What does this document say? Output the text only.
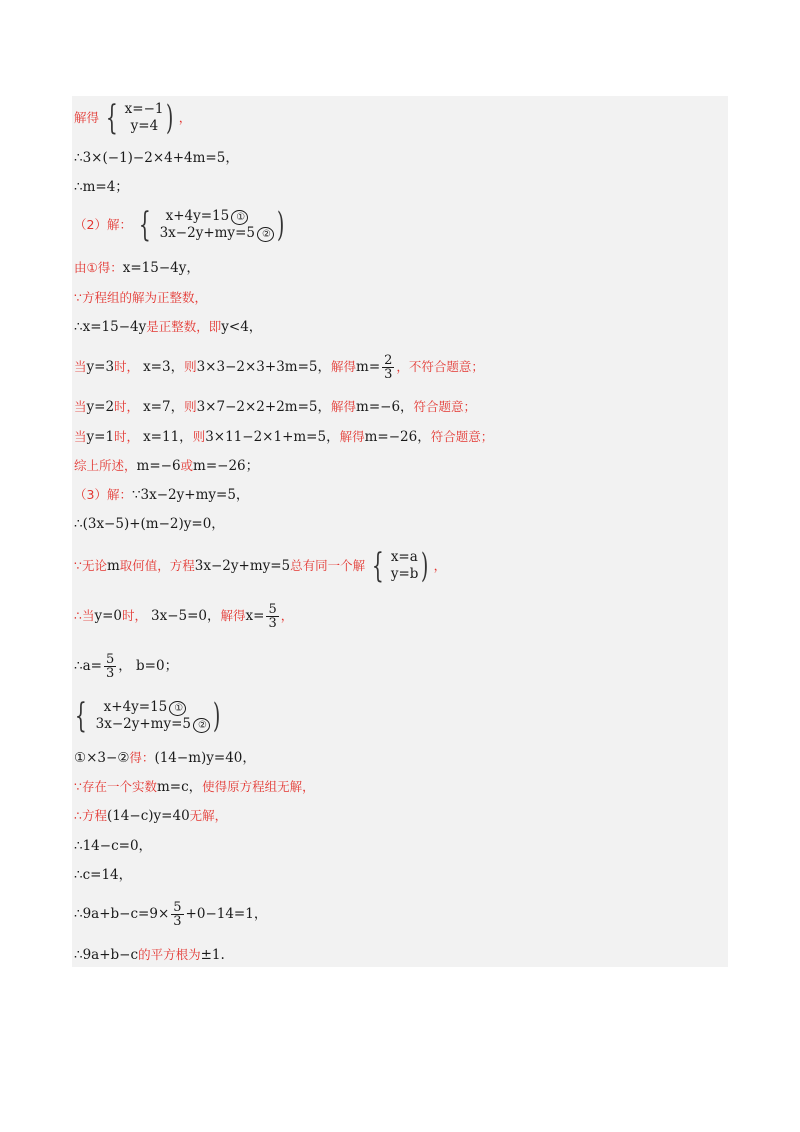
解得 { x=−1
y=4 ) ，
∴3×(−1)−2×4+4m=5，
∴m=4；
（2）解： {	x+4y=15 ①
3x−2y+my=5 ② )
由①得： x=15−4y，
∵方程组的解为正整数，
∴x=15−4y 是正整数，即 y<4，
当 y=3 时， x=3， 则 3×3−2×3+3m=5， 解得 $m= \frac{2}{3}$ ，不符合题意；
当 y=2 时， x=7， 则 3×7−2×2+2m=5， 解得 m=−6， 符合题意；
当 y=1 时， x=11， 则 3×11−2×1+m=5， 解得 m=−26， 符合题意；
综上所述， m=−6 或 m=−26；
（3）解： ∵3x−2y+my=5，
∴(3x−5)+(m−2)y=0，
∵无论 m 取何值，方程 3x−2y+my=5 总有同一个解 { x=a
y=b ) ，
∴当 y=0 时， 3x−5=0， 解得 $x= \frac{5}{3}$ ，
∴a= $\frac{5}{3}$ ， b=0；
{	x+4y=15 ①
3x−2y+my=5 ② )
①×3−② 得： (14−m)y=40，
∵存在一个实数 m=c， 使得原方程组无解，
∴方程 (14−c)y=40 无解，
∴14−c=0，
∴c=14，
∴9a+b−c=9× $\frac{5}{3} +0-14=1$，
∴9a+b−c 的平方根为 ±1.
